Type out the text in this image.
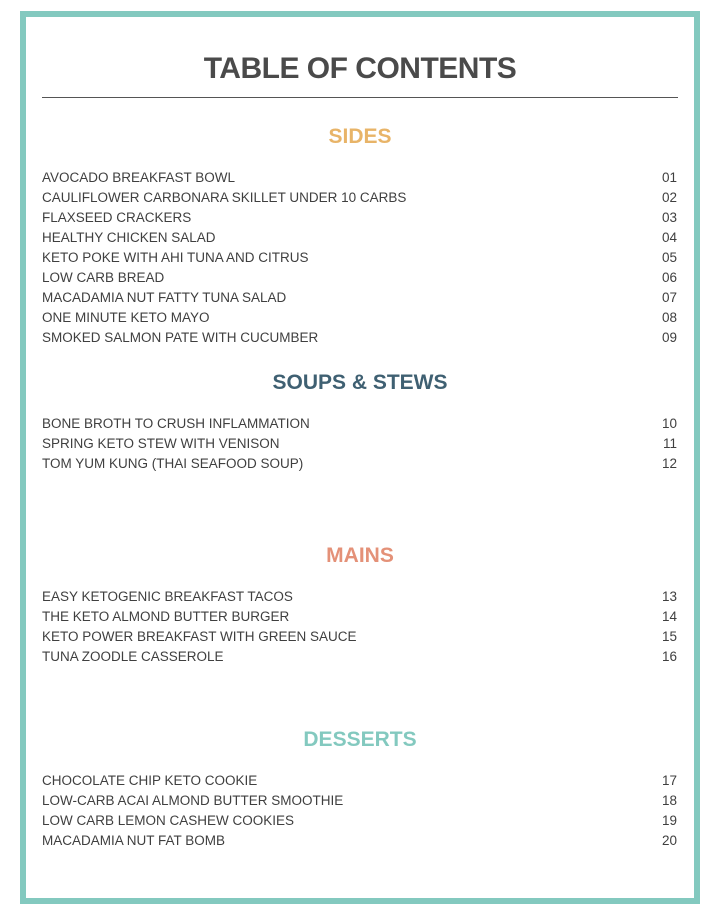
TABLE OF CONTENTS
SIDES
AVOCADO BREAKFAST BOWL	01
CAULIFLOWER CARBONARA SKILLET UNDER 10 CARBS	02
FLAXSEED CRACKERS	03
HEALTHY CHICKEN SALAD	04
KETO POKE WITH AHI TUNA AND CITRUS	05
LOW CARB BREAD	06
MACADAMIA NUT FATTY TUNA SALAD	07
ONE MINUTE KETO MAYO	08
SMOKED SALMON PATE WITH CUCUMBER	09
SOUPS & STEWS
BONE BROTH TO CRUSH INFLAMMATION	10
SPRING KETO STEW WITH VENISON	11
TOM YUM KUNG (THAI SEAFOOD SOUP)	12
MAINS
EASY KETOGENIC BREAKFAST TACOS	13
THE KETO ALMOND BUTTER BURGER	14
KETO POWER BREAKFAST WITH GREEN SAUCE	15
TUNA ZOODLE CASSEROLE	16
DESSERTS
CHOCOLATE CHIP KETO COOKIE	17
LOW-CARB ACAI ALMOND BUTTER SMOOTHIE	18
LOW CARB LEMON CASHEW COOKIES	19
MACADAMIA NUT FAT BOMB	20
